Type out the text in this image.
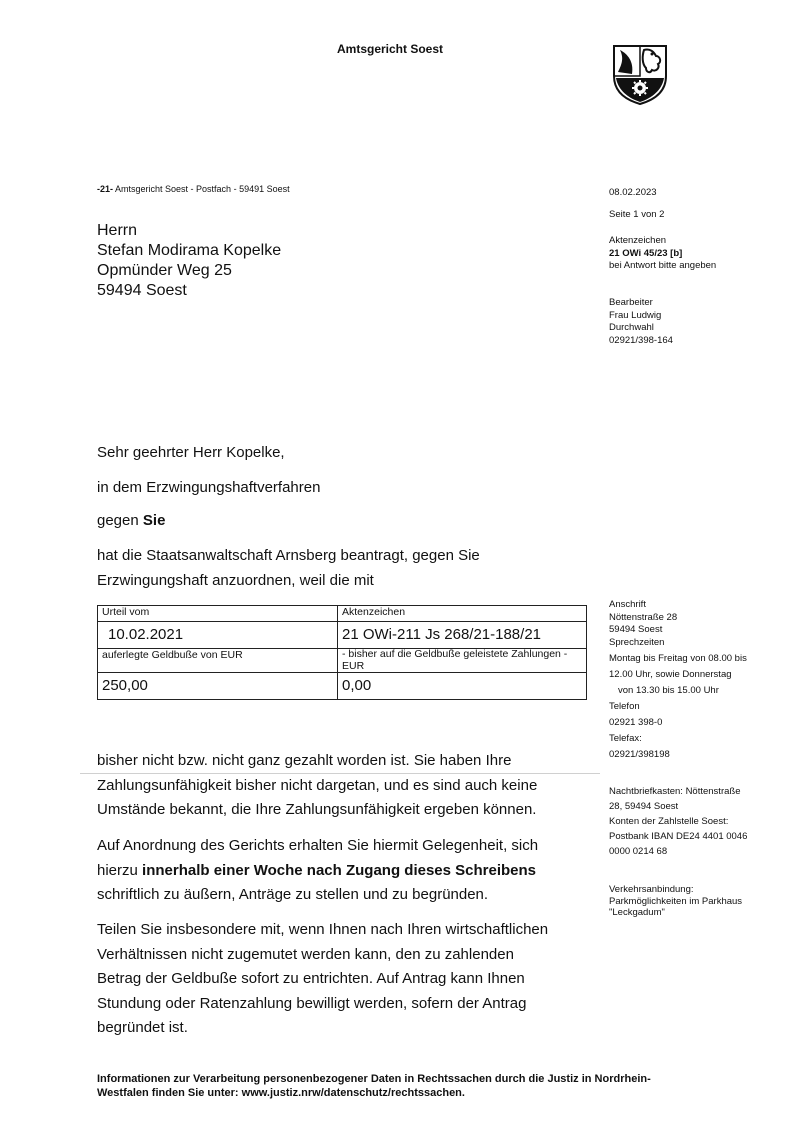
Amtsgericht Soest
-21- Amtsgericht Soest - Postfach - 59491 Soest
Herrn
Stefan Modirama Kopelke
Opmünder Weg 25
59494 Soest
08.02.2023
Seite 1 von 2
Aktenzeichen
21 OWi 45/23 [b]
bei Antwort bitte angeben
Bearbeiter
Frau Ludwig
Durchwahl
02921/398-164
Anschrift
Nöttenstraße 28
59494 Soest
Sprechzeiten
Montag bis Freitag von 08.00 bis
12.00 Uhr, sowie Donnerstag
von 13.30 bis 15.00 Uhr
Telefon
02921 398-0
Telefax:
02921/398198
Nachtbriefkasten: Nöttenstraße
28, 59494 Soest
Konten der Zahlstelle Soest:
Postbank IBAN DE24 4401 0046
0000 0214 68
Verkehrsanbindung:
Parkmöglichkeiten im Parkhaus
"Leckgadum"
Sehr geehrter Herr Kopelke,
in dem Erzwingungshaftverfahren
gegen Sie
hat die Staatsanwaltschaft Arnsberg beantragt, gegen Sie
Erzwingungshaft anzuordnen, weil die mit
Urteil vom	Aktenzeichen
10.02.2021	21 OWi-211 Js 268/21-188/21
auferlegte Geldbuße von EUR	- bisher auf die Geldbuße geleistete Zahlungen - EUR
250,00	0,00
bisher nicht bzw. nicht ganz gezahlt worden ist. Sie haben Ihre
Zahlungsunfähigkeit bisher nicht dargetan, und es sind auch keine
Umstände bekannt, die Ihre Zahlungsunfähigkeit ergeben können.
Auf Anordnung des Gerichts erhalten Sie hiermit Gelegenheit, sich
hierzu innerhalb einer Woche nach Zugang dieses Schreibens
schriftlich zu äußern, Anträge zu stellen und zu begründen.
Teilen Sie insbesondere mit, wenn Ihnen nach Ihren wirtschaftlichen
Verhältnissen nicht zugemutet werden kann, den zu zahlenden
Betrag der Geldbuße sofort zu entrichten. Auf Antrag kann Ihnen
Stundung oder Ratenzahlung bewilligt werden, sofern der Antrag
begründet ist.
Informationen zur Verarbeitung personenbezogener Daten in Rechtssachen durch die Justiz in Nordrhein-
Westfalen finden Sie unter: www.justiz.nrw/datenschutz/rechtssachen.
